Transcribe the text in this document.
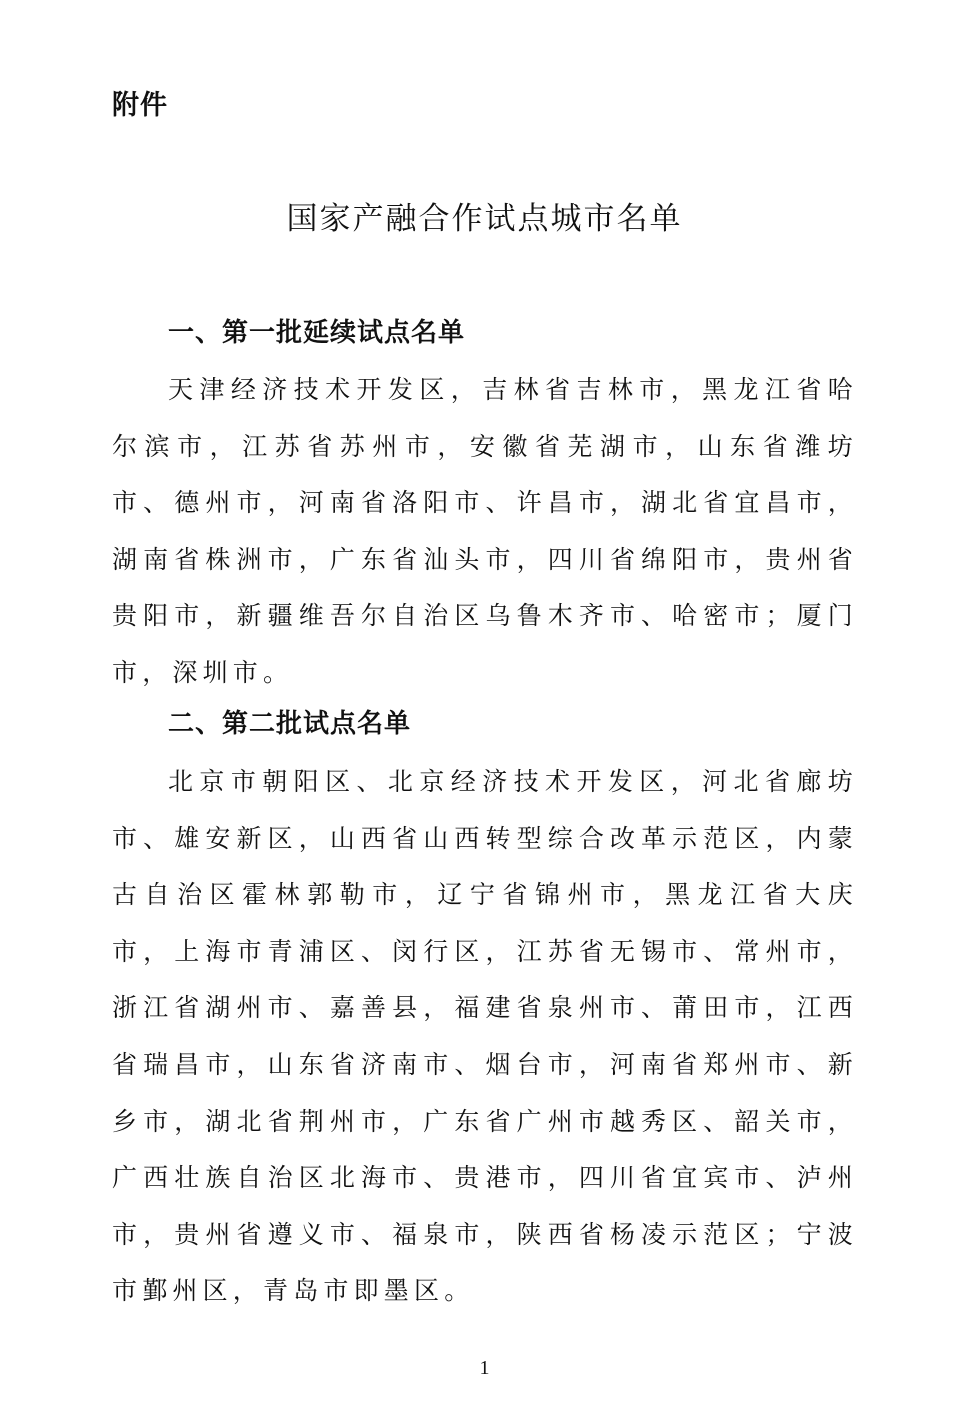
附件
国家产融合作试点城市名单
一、第一批延续试点名单

天津经济技术开发区，吉林省吉林市，黑龙江省哈尔滨市，江苏省苏州市，安徽省芜湖市，山东省潍坊市、德州市，河南省洛阳市、许昌市，湖北省宜昌市，湖南省株洲市，广东省汕头市，四川省绵阳市，贵州省贵阳市，新疆维吾尔自治区乌鲁木齐市、哈密市；厦门市，深圳市。

二、第二批试点名单

北京市朝阳区、北京经济技术开发区，河北省廊坊市、雄安新区，山西省山西转型综合改革示范区，内蒙古自治区霍林郭勒市，辽宁省锦州市，黑龙江省大庆市，上海市青浦区、闵行区，江苏省无锡市、常州市，浙江省湖州市、嘉善县，福建省泉州市、莆田市，江西省瑞昌市，山东省济南市、烟台市，河南省郑州市、新乡市，湖北省荆州市，广东省广州市越秀区、韶关市，广西壮族自治区北海市、贵港市，四川省宜宾市、泸州市，贵州省遵义市、福泉市，陕西省杨凌示范区；宁波市鄞州区，青岛市即墨区。

1
